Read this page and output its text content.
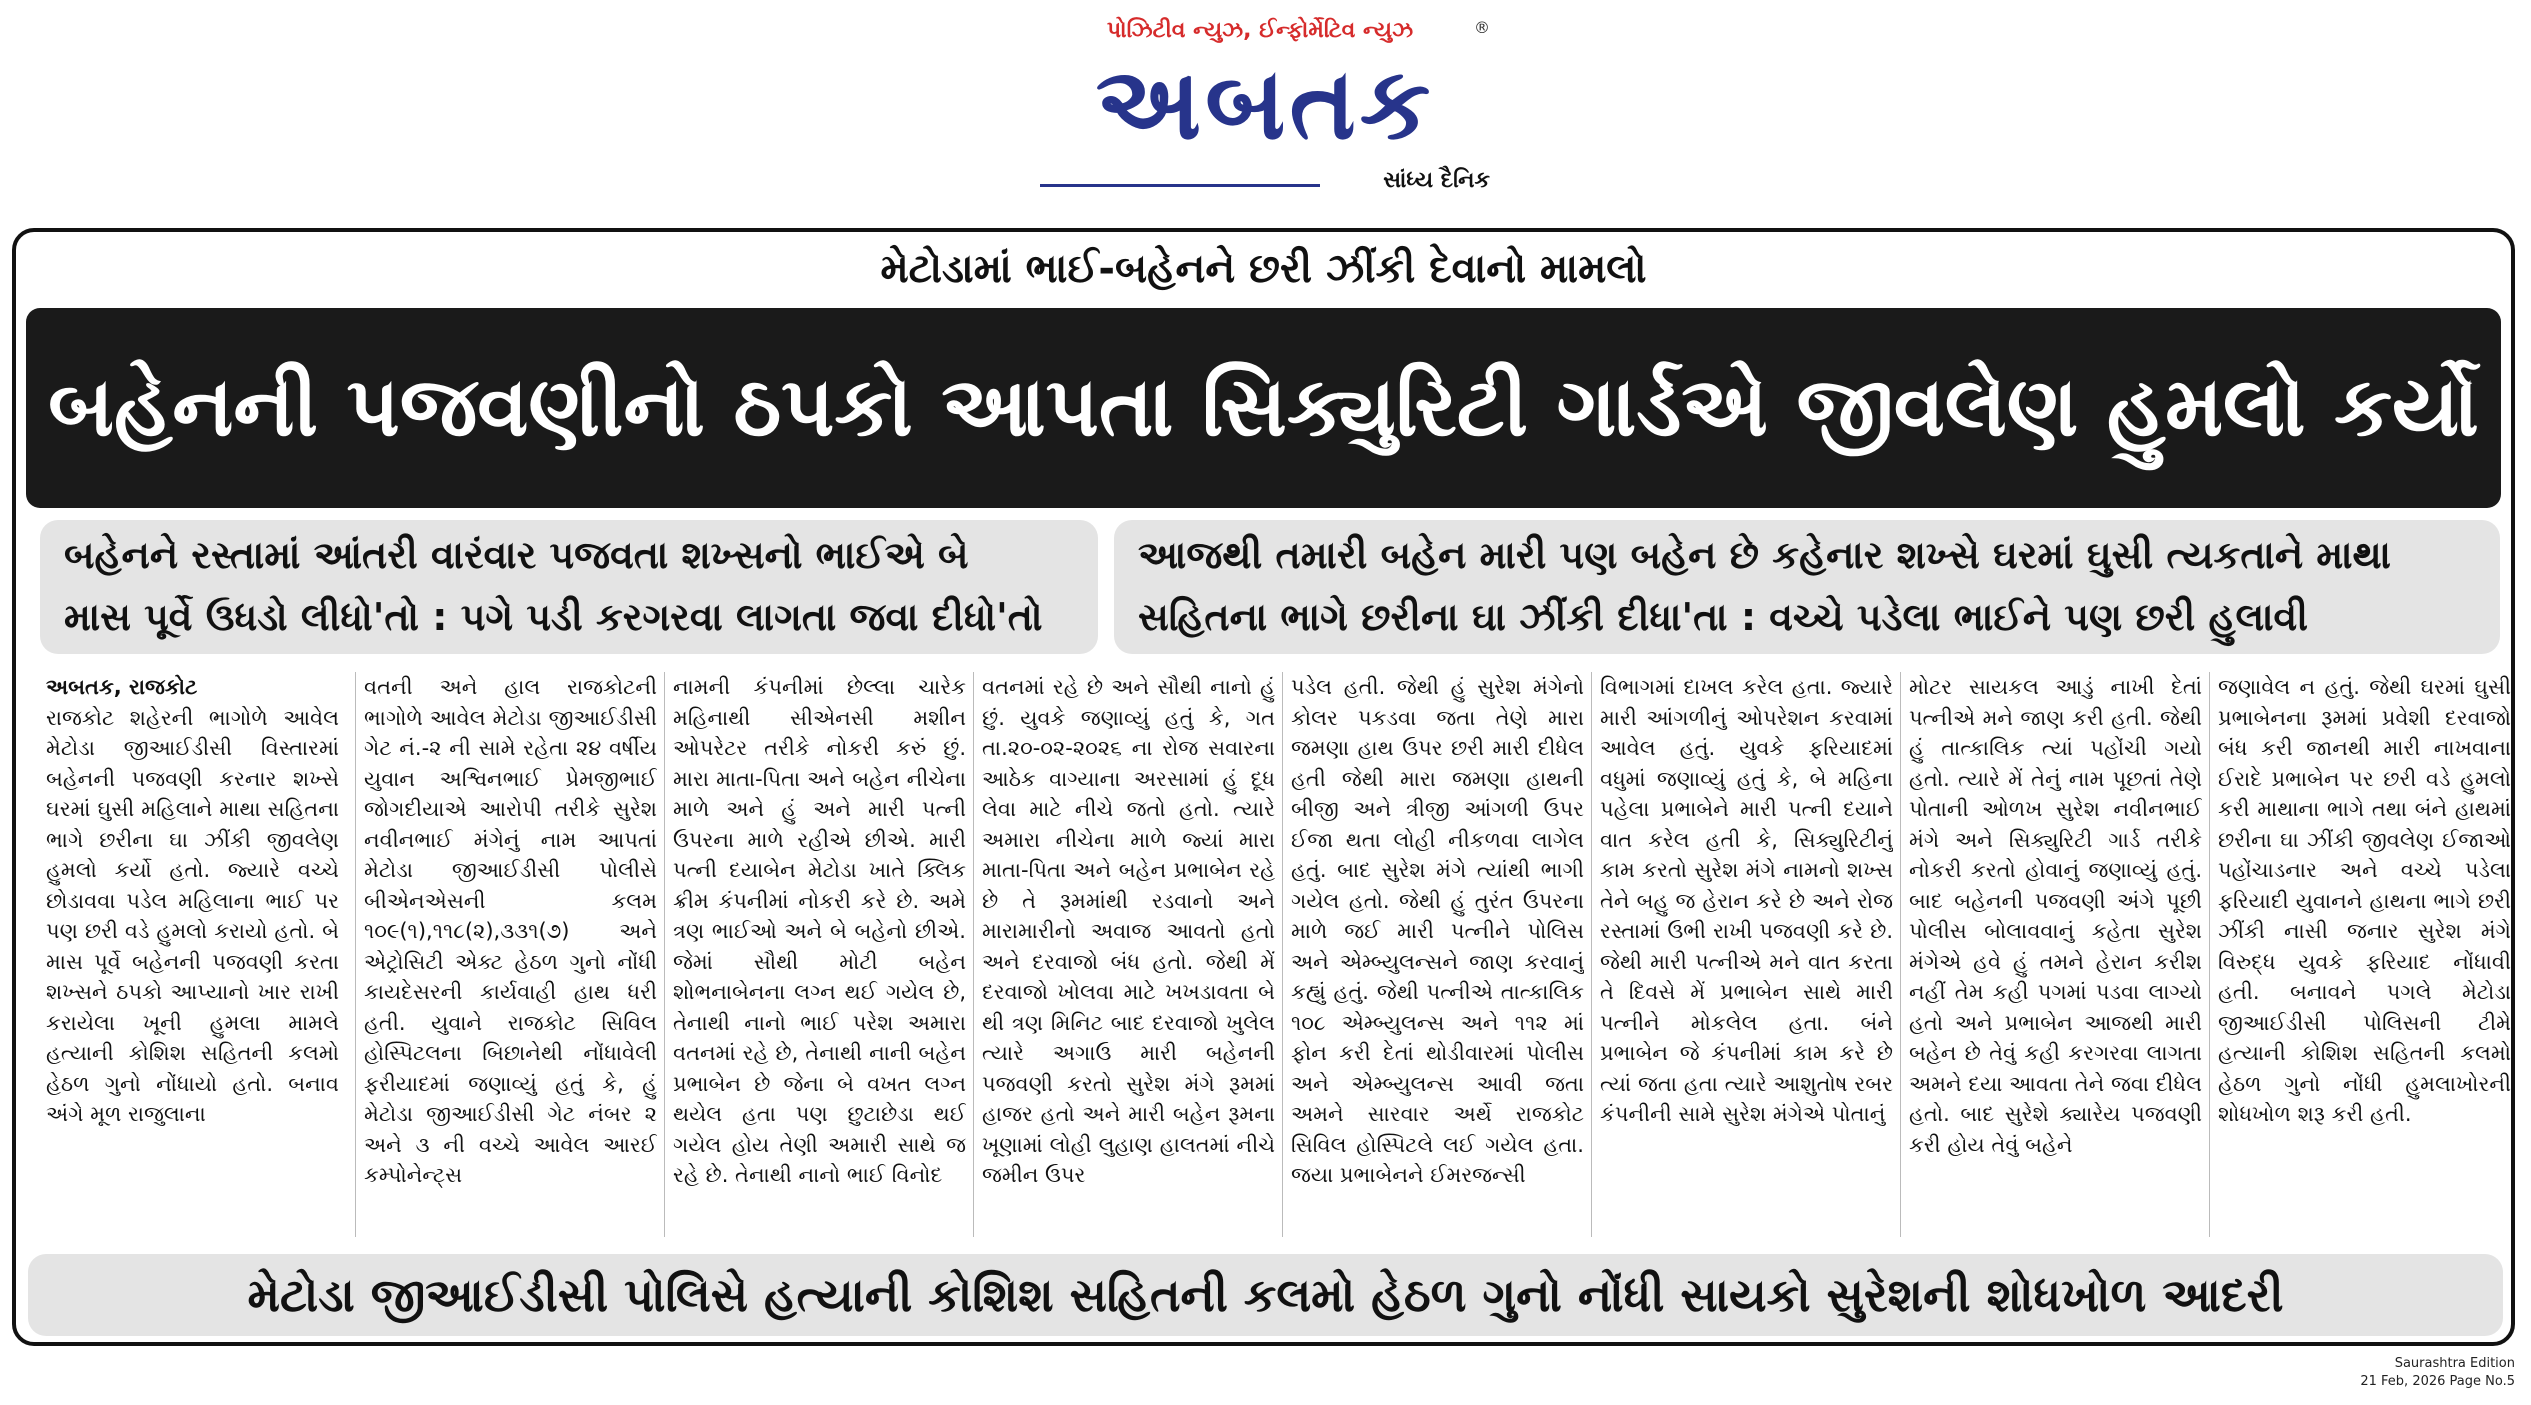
પોઝિટીવ ન્યુઝ, ઈન્ફોર્મેટિવ ન્યુઝ	®
અબતક
સાંધ્ય દૈનિક
મેટોડામાં ભાઈ-બહેનને છરી ઝીંકી દેવાનો મામલો
બહેનની પજવણીનો ઠપકો આપતા સિક્યુરિટી ગાર્ડએ જીવલેણ હુમલો કર્યો
બહેનને રસ્તામાં આંતરી વારંવાર પજવતા શખ્સનો ભાઈએ બે
માસ પૂર્વે ઉધડો લીધો'તો : પગે પડી કરગરવા લાગતા જવા દીધો'તો
આજથી તમારી બહેન મારી પણ બહેન છે કહેનાર શખ્સે ઘરમાં ઘુસી ત્યકતાને માથા
સહિતના ભાગે છરીના ઘા ઝીંકી દીધા'તા : વચ્ચે પડેલા ભાઈને પણ છરી હુલાવી
અબતક, રાજકોટ
રાજકોટ શહેરની ભાગોળે આવેલ મેટોડા જીઆઈડીસી વિસ્તારમાં બહેનની પજવણી કરનાર શખ્સે ઘરમાં ઘુસી મહિલાને માથા સહિતના ભાગે છરીના ઘા ઝીંકી જીવલેણ હુમલો કર્યો હતો. જ્યારે વચ્ચે છોડાવવા પડેલ મહિલાના ભાઈ પર પણ છરી વડે હુમલો કરાયો હતો. બે માસ પૂર્વે બહેનની પજવણી કરતા શખ્સને ઠપકો આપ્યાનો ખાર રાખી કરાયેલા ખૂની હુમલા મામલે હત્યાની કોશિશ સહિતની કલમો હેઠળ ગુનો નોંધાયો હતો. બનાવ અંગે મૂળ રાજુલાના
વતની અને હાલ રાજકોટની ભાગોળે આવેલ મેટોડા જીઆઈડીસી ગેટ નં.-૨ ની સામે રહેતા ૨૪ વર્ષીય યુવાન અશ્વિનભાઈ પ્રેમજીભાઈ જોગદીયાએ આરોપી તરીકે સુરેશ નવીનભાઈ મંગેનું નામ આપતાં મેટોડા જીઆઈડીસી પોલીસે બીએનએસની કલમ ૧૦૯(૧),૧૧૮(૨),૩૩૧(૭) અને એટ્રોસિટી એક્ટ હેઠળ ગુનો નોંધી કાયદેસરની કાર્યવાહી હાથ ધરી હતી. યુવાને રાજકોટ સિવિલ હોસ્પિટલના બિછાનેથી નોંધાવેલી ફરીયાદમાં જણાવ્યું હતું કે, હું મેટોડા જીઆઈડીસી ગેટ નંબર ૨ અને ૩ ની વચ્ચે આવેલ આરઈ કમ્પોનેન્ટ્સ
નામની કંપનીમાં છેલ્લા ચારેક મહિનાથી સીએનસી મશીન ઓપરેટર તરીકે નોકરી કરું છું. મારા માતા-પિતા અને બહેન નીચેના માળે અને હું અને મારી પત્ની ઉપરના માળે રહીએ છીએ. મારી પત્ની દયાબેન મેટોડા ખાતે ક્લિક ક્રીમ કંપનીમાં નોકરી કરે છે. અમે ત્રણ ભાઈઓ અને બે બહેનો છીએ. જેમાં સૌથી મોટી બહેન શોભનાબેનના લગ્ન થઈ ગયેલ છે, તેનાથી નાનો ભાઈ પરેશ અમારા વતનમાં રહે છે, તેનાથી નાની બહેન પ્રભાબેન છે જેના બે વખત લગ્ન થયેલ હતા પણ છુટાછેડા થઈ ગયેલ હોય તેણી અમારી સાથે જ રહે છે. તેનાથી નાનો ભાઈ વિનોદ
વતનમાં રહે છે અને સૌથી નાનો હું છું. યુવકે જણાવ્યું હતું કે, ગત તા.૨૦-૦૨-૨૦૨૬ ના રોજ સવારના આઠેક વાગ્યાના અરસામાં હું દૂધ લેવા માટે નીચે જતો હતો. ત્યારે અમારા નીચેના માળે જ્યાં મારા માતા-પિતા અને બહેન પ્રભાબેન રહે છે તે રૂમમાંથી રડવાનો અને મારામારીનો અવાજ આવતો હતો અને દરવાજો બંધ હતો. જેથી મેં દરવાજો ખોલવા માટે ખખડાવતા બે થી ત્રણ મિનિટ બાદ દરવાજો ખુલેલ ત્યારે અગાઉ મારી બહેનની પજવણી કરતો સુરેશ મંગે રૂમમાં હાજર હતો અને મારી બહેન રૂમના ખૂણામાં લોહી લુહાણ હાલતમાં નીચે જમીન ઉપર
પડેલ હતી. જેથી હું સુરેશ મંગેનો કોલર પકડવા જતા તેણે મારા જમણા હાથ ઉપર છરી મારી દીધેલ હતી જેથી મારા જમણા હાથની બીજી અને ત્રીજી આંગળી ઉપર ઈજા થતા લોહી નીકળવા લાગેલ હતું. બાદ સુરેશ મંગે ત્યાંથી ભાગી ગયેલ હતો. જેથી હું તુરંત ઉપરના માળે જઈ મારી પત્નીને પોલિસ અને એમ્બ્યુલન્સને જાણ કરવાનું કહ્યું હતું. જેથી પત્નીએ તાત્કાલિક ૧૦૮ એમ્બ્યુલન્સ અને ૧૧૨ માં ફોન કરી દેતાં થોડીવારમાં પોલીસ અને એમ્બ્યુલન્સ આવી જતા અમને સારવાર અર્થે રાજકોટ સિવિલ હોસ્પિટલે લઈ ગયેલ હતા. જયા પ્રભાબેનને ઈમરજન્સી
વિભાગમાં દાખલ કરેલ હતા. જ્યારે મારી આંગળીનું ઓપરેશન કરવામાં આવેલ હતું. યુવકે ફરિયાદમાં વધુમાં જણાવ્યું હતું કે, બે મહિના પહેલા પ્રભાબેને મારી પત્ની દયાને વાત કરેલ હતી કે, સિક્યુરિટીનું કામ કરતો સુરેશ મંગે નામનો શખ્સ તેને બહુ જ હેરાન કરે છે અને રોજ રસ્તામાં ઉભી રાખી પજવણી કરે છે. જેથી મારી પત્નીએ મને વાત કરતા તે દિવસે મેં પ્રભાબેન સાથે મારી પત્નીને મોકલેલ હતા. બંને પ્રભાબેન જે કંપનીમાં કામ કરે છે ત્યાં જતા હતા ત્યારે આશુતોષ રબર કંપનીની સામે સુરેશ મંગેએ પોતાનું
મોટર સાયકલ આડું નાખી દેતાં પત્નીએ મને જાણ કરી હતી. જેથી હું તાત્કાલિક ત્યાં પહોંચી ગયો હતો. ત્યારે મેં તેનું નામ પૂછતાં તેણે પોતાની ઓળખ સુરેશ નવીનભાઈ મંગે અને સિક્યુરિટી ગાર્ડ તરીકે નોકરી કરતો હોવાનું જણાવ્યું હતું. બાદ બહેનની પજવણી અંગે પૂછી પોલીસ બોલાવવાનું કહેતા સુરેશ મંગેએ હવે હું તમને હેરાન કરીશ નહીં તેમ કહી પગમાં પડવા લાગ્યો હતો અને પ્રભાબેન આજથી મારી બહેન છે તેવું કહી કરગરવા લાગતા અમને દયા આવતા તેને જવા દીધેલ હતો. બાદ સુરેશે ક્યારેય પજવણી કરી હોય તેવું બહેને
જણાવેલ ન હતું. જેથી ઘરમાં ઘુસી પ્રભાબેનના રૂમમાં પ્રવેશી દરવાજો બંધ કરી જાનથી મારી નાખવાના ઈરાદે પ્રભાબેન પર છરી વડે હુમલો કરી માથાના ભાગે તથા બંને હાથમાં છરીના ઘા ઝીંકી જીવલેણ ઈજાઓ પહોંચાડનાર અને વચ્ચે પડેલા ફરિયાદી યુવાનને હાથના ભાગે છરી ઝીંકી નાસી જનાર સુરેશ મંગે વિરુદ્ધ યુવકે ફરિયાદ નોંધાવી હતી. બનાવને પગલે મેટોડા જીઆઈડીસી પોલિસની ટીમે હત્યાની કોશિશ સહિતની કલમો હેઠળ ગુનો નોંધી હુમલાખોરની શોધખોળ શરૂ કરી હતી.
મેટોડા જીઆઈડીસી પોલિસે હત્યાની કોશિશ સહિતની કલમો હેઠળ ગુનો નોંધી સાયકો સુરેશની શોધખોળ આદરી
Saurashtra Edition
21 Feb, 2026 Page No.5
